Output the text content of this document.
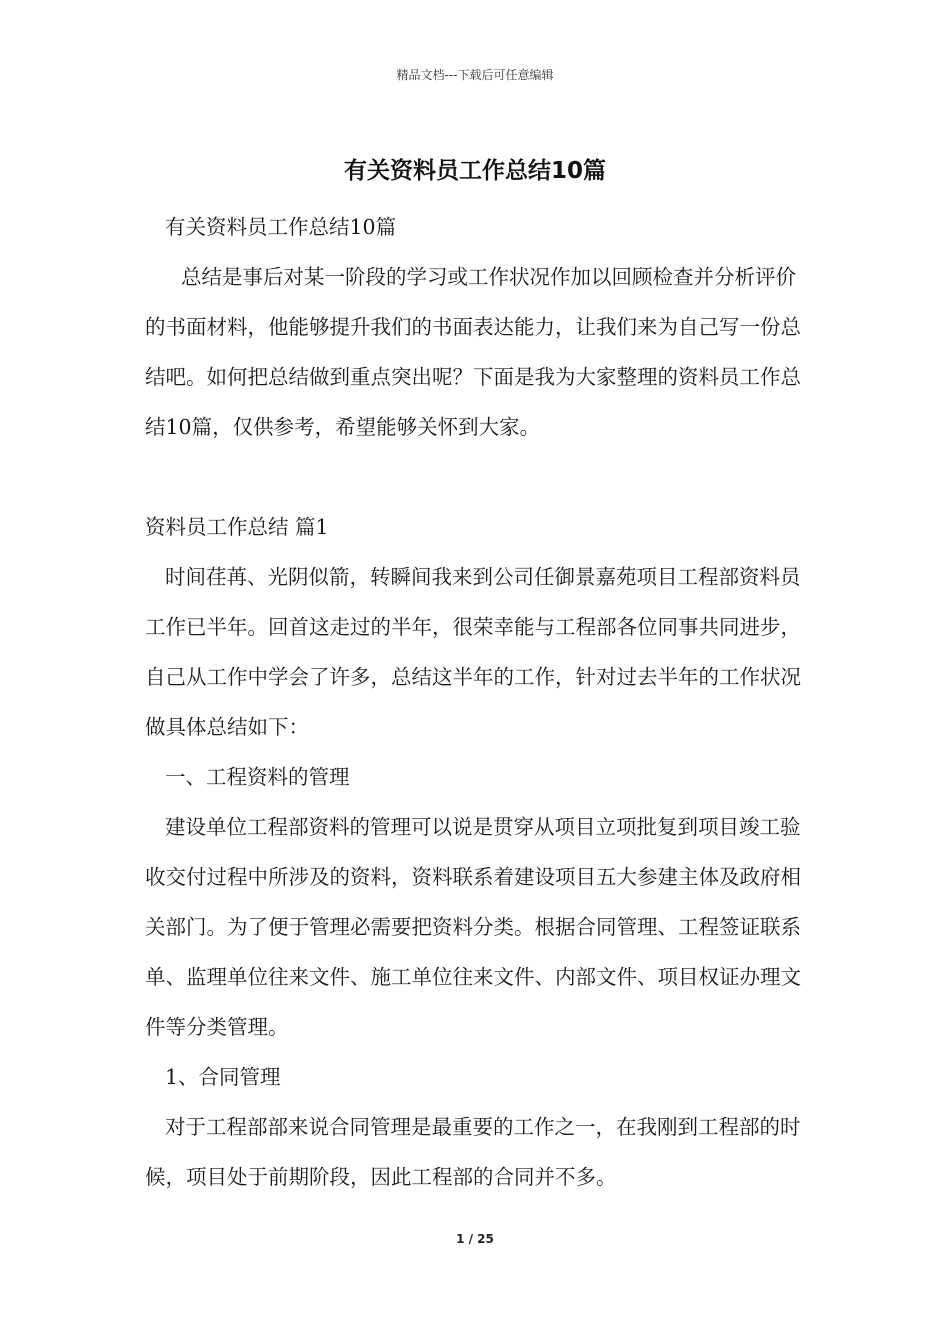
精品文档---下载后可任意编辑
有关资料员工作总结10篇

有关资料员工作总结10篇

总结是事后对某一阶段的学习或工作状况作加以回顾检查并分析评价的书面材料，他能够提升我们的书面表达能力，让我们来为自己写一份总结吧。如何把总结做到重点突出呢？下面是我为大家整理的资料员工作总结10篇，仅供参考，希望能够关怀到大家。

资料员工作总结 篇1

时间荏苒、光阴似箭，转瞬间我来到公司任御景嘉苑项目工程部资料员工作已半年。回首这走过的半年，很荣幸能与工程部各位同事共同进步，自己从工作中学会了许多，总结这半年的工作，针对过去半年的工作状况做具体总结如下：

一、工程资料的管理

建设单位工程部资料的管理可以说是贯穿从项目立项批复到项目竣工验收交付过程中所涉及的资料，资料联系着建设项目五大参建主体及政府相关部门。为了便于管理必需要把资料分类。根据合同管理、工程签证联系单、监理单位往来文件、施工单位往来文件、内部文件、项目权证办理文件等分类管理。

1、合同管理

对于工程部部来说合同管理是最重要的工作之一，在我刚到工程部的时候，项目处于前期阶段，因此工程部的合同并不多。

1 / 25
